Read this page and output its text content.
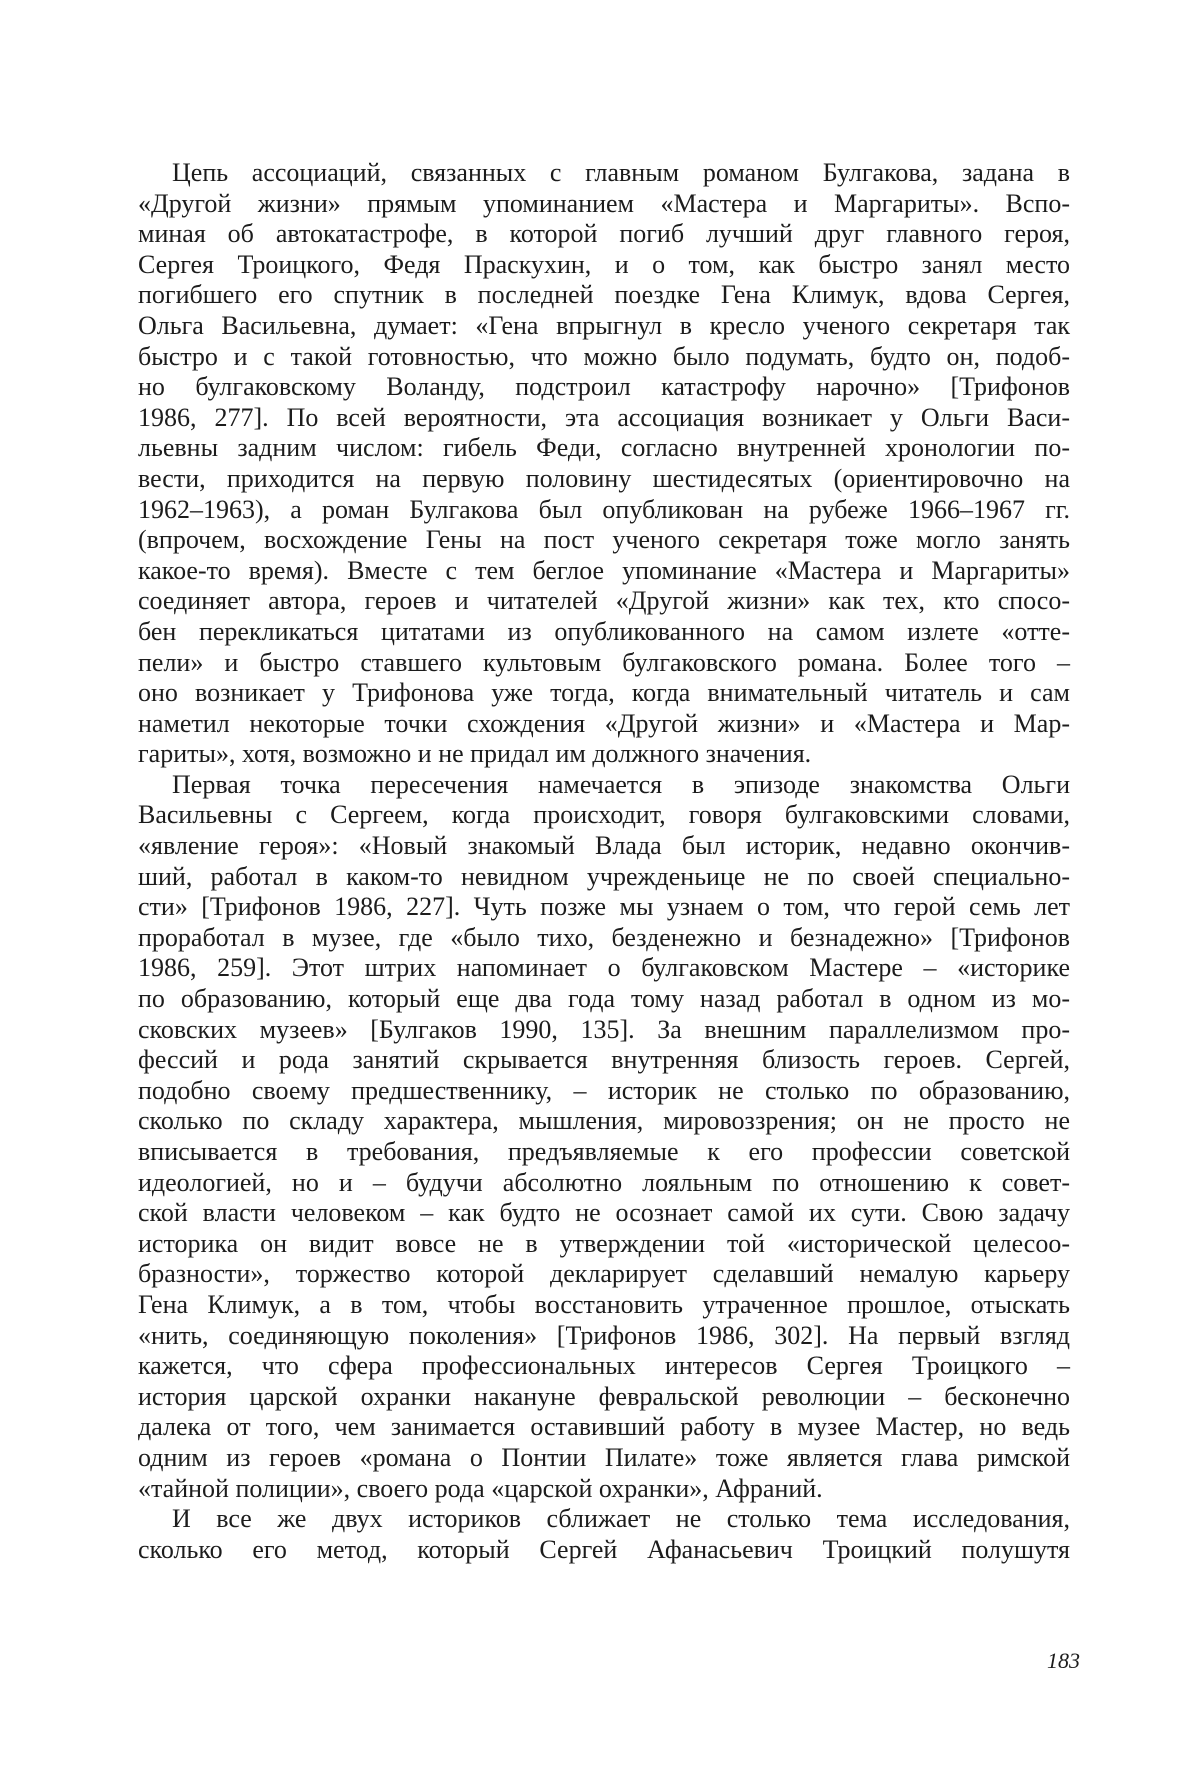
Цепь ассоциаций, связанных с главным романом Булгакова, задана в
«Другой жизни» прямым упоминанием «Мастера и Маргариты». Вспо-
миная об автокатастрофе, в которой погиб лучший друг главного героя,
Сергея Троицкого, Федя Праскухин, и о том, как быстро занял место
погибшего его спутник в последней поездке Гена Климук, вдова Сергея,
Ольга Васильевна, думает: «Гена впрыгнул в кресло ученого секретаря так
быстро и с такой готовностью, что можно было подумать, будто он, подоб-
но булгаковскому Воланду, подстроил катастрофу нарочно» [Трифонов
1986, 277]. По всей вероятности, эта ассоциация возникает у Ольги Васи-
льевны задним числом: гибель Феди, согласно внутренней хронологии по-
вести, приходится на первую половину шестидесятых (ориентировочно на
1962–1963), а роман Булгакова был опубликован на рубеже 1966–1967 гг.
(впрочем, восхождение Гены на пост ученого секретаря тоже могло занять
какое-то время). Вместе с тем беглое упоминание «Мастера и Маргариты»
соединяет автора, героев и читателей «Другой жизни» как тех, кто спосо-
бен перекликаться цитатами из опубликованного на самом излете «отте-
пели» и быстро ставшего культовым булгаковского романа. Более того –
оно возникает у Трифонова уже тогда, когда внимательный читатель и сам
наметил некоторые точки схождения «Другой жизни» и «Мастера и Мар-
гариты», хотя, возможно и не придал им должного значения.

Первая точка пересечения намечается в эпизоде знакомства Ольги
Васильевны с Сергеем, когда происходит, говоря булгаковскими словами,
«явление героя»: «Новый знакомый Влада был историк, недавно окончив-
ший, работал в каком-то невидном учрежденьице не по своей специально-
сти» [Трифонов 1986, 227]. Чуть позже мы узнаем о том, что герой семь лет
проработал в музее, где «было тихо, безденежно и безнадежно» [Трифонов
1986, 259]. Этот штрих напоминает о булгаковском Мастере – «историке
по образованию, который еще два года тому назад работал в одном из мо-
сковских музеев» [Булгаков 1990, 135]. За внешним параллелизмом про-
фессий и рода занятий скрывается внутренняя близость героев. Сергей,
подобно своему предшественнику, – историк не столько по образованию,
сколько по складу характера, мышления, мировоззрения; он не просто не
вписывается в требования, предъявляемые к его профессии советской
идеологией, но и – будучи абсолютно лояльным по отношению к совет-
ской власти человеком – как будто не осознает самой их сути. Свою задачу
историка он видит вовсе не в утверждении той «исторической целесоо-
бразности», торжество которой декларирует сделавший немалую карьеру
Гена Климук, а в том, чтобы восстановить утраченное прошлое, отыскать
«нить, соединяющую поколения» [Трифонов 1986, 302]. На первый взгляд
кажется, что сфера профессиональных интересов Сергея Троицкого –
история царской охранки накануне февральской революции – бесконечно
далека от того, чем занимается оставивший работу в музее Мастер, но ведь
одним из героев «романа о Понтии Пилате» тоже является глава римской
«тайной полиции», своего рода «царской охранки», Афраний.

И все же двух историков сближает не столько тема исследования,
сколько его метод, который Сергей Афанасьевич Троицкий полушутя

183
